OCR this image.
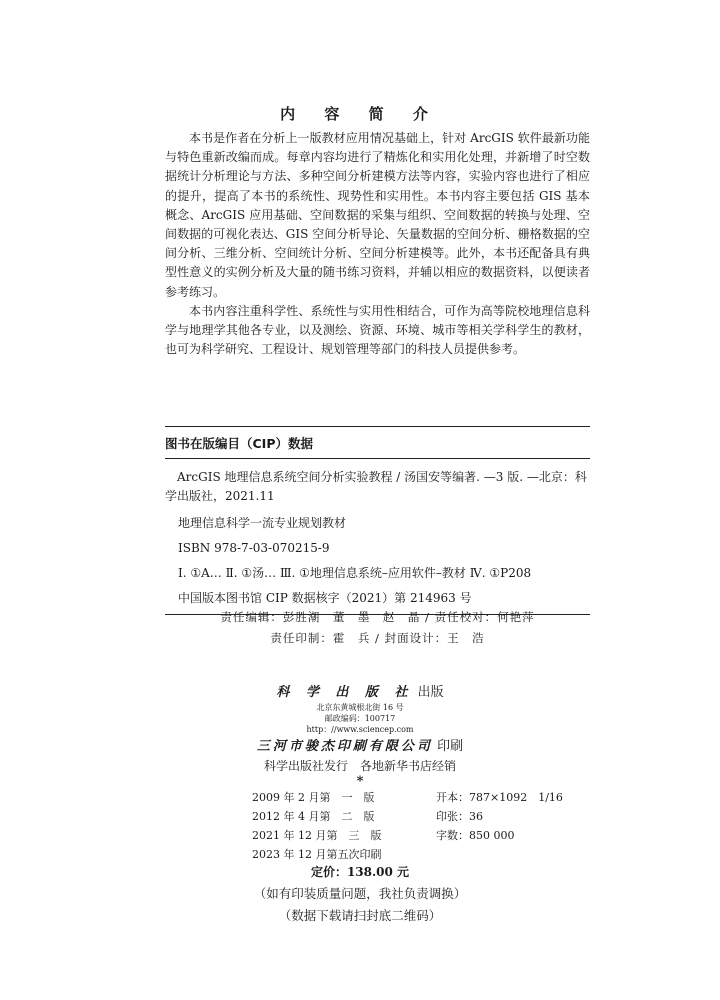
内 容 简 介

本书是作者在分析上一版教材应用情况基础上，针对 ArcGIS 软件最新功能与特色重新改编而成。每章内容均进行了精炼化和实用化处理，并新增了时空数据统计分析理论与方法、多种空间分析建模方法等内容，实验内容也进行了相应的提升，提高了本书的系统性、现势性和实用性。本书内容主要包括 GIS 基本概念、ArcGIS 应用基础、空间数据的采集与组织、空间数据的转换与处理、空间数据的可视化表达、GIS 空间分析导论、矢量数据的空间分析、栅格数据的空间分析、三维分析、空间统计分析、空间分析建模等。此外，本书还配备具有典型性意义的实例分析及大量的随书练习资料，并辅以相应的数据资料，以便读者参考练习。

本书内容注重科学性、系统性与实用性相结合，可作为高等院校地理信息科学与地理学其他各专业，以及测绘、资源、环境、城市等相关学科学生的教材，也可为科学研究、工程设计、规划管理等部门的科技人员提供参考。

图书在版编目（CIP）数据

ArcGIS 地理信息系统空间分析实验教程 / 汤国安等编著. —3 版. —北京：科学出版社，2021.11

地理信息科学一流专业规划教材

ISBN 978-7-03-070215-9

Ⅰ. ①A… Ⅱ. ①汤… Ⅲ. ①地理信息系统–应用软件–教材 Ⅳ. ①P208

中国版本图书馆 CIP 数据核字（2021）第 214963 号

责任编辑：彭胜潮　董　墨　赵　晶 / 责任校对：何艳萍
责任印制：霍　兵 / 封面设计：王　浩
科 学 出 版 社 出版
北京东黄城根北街 16 号
邮政编码：100717
http：//www.sciencep.com
三河市骏杰印刷有限公司 印刷
科学出版社发行　各地新华书店经销
*
2009 年 2 月第　一　版	开本：787×1092　1/16
2012 年 4 月第　二　版	印张：36
2021 年 12 月第　三　版	字数：850 000
2023 年 12 月第五次印刷
定价：138.00 元
（如有印装质量问题，我社负责调换）
（数据下载请扫封底二维码）
